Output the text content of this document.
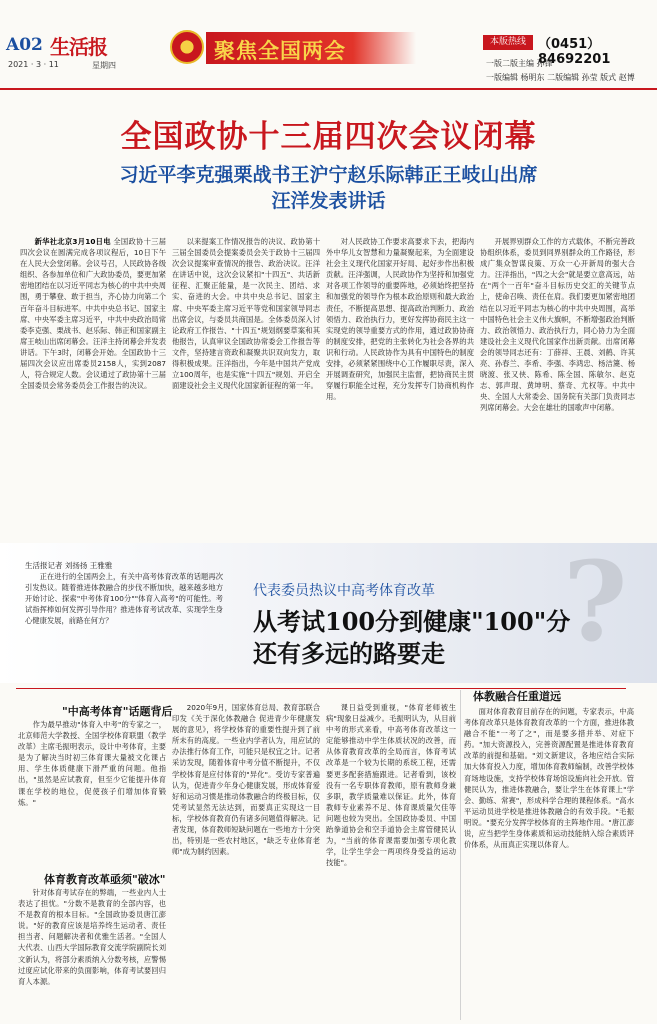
A02 生活报
2021 · 3 · 11	星期四
★	聚焦全国两会	本版热线 （0451）84692201
一版二版主编 孙锋
一版编辑 杨明东 二版编辑 孙莹 版式 赵博
全国政协十三届四次会议闭幕
习近平李克强栗战书王沪宁赵乐际韩正王岐山出席
汪洋发表讲话

新华社北京3月10日电 全国政协十三届四次会议在圆满完成各项议程后，10日下午在人民大会堂闭幕。会议号召，人民政协各级组织、各参加单位和广大政协委员，要更加紧密地团结在以习近平同志为核心的中共中央周围，勇于攀登、敢于担当，齐心协力向第二个百年奋斗目标进军。中共中央总书记、国家主席、中央军委主席习近平，中共中央政治局常委李克强、栗战书、赵乐际、韩正和国家副主席王岐山出席闭幕会。汪洋主持闭幕会并发表讲话。下午3时，闭幕会开始。全国政协十三届四次会议应出席委员2158人，实到2087人，符合规定人数。会议通过了政协第十三届全国委员会常务委员会工作报告的决议。

以来提案工作情况报告的决议、政协第十三届全国委员会提案委员会关于政协十三届四次会议提案审查情况的报告、政治决议。汪洋在讲话中说，这次会议紧扣"十四五"、共话新征程、汇聚正能量，是一次民主、团结、求实、奋进的大会。中共中央总书记、国家主席、中央军委主席习近平等党和国家领导同志出席会议，与委员共商国是。全体委员深入讨论政府工作报告、"十四五"规划纲要草案和其他报告，认真审议全国政协常委会工作报告等文件，坚持建言资政和凝聚共识双向发力，取得积极成果。汪洋指出，今年是中国共产党成立100周年，也是实施"十四五"规划、开启全面建设社会主义现代化国家新征程的第一年。

对人民政协工作要求高要求下去，把海内外中华儿女智慧和力量凝聚起来，为全面建设社会主义现代化国家开好局、起好步作出积极贡献。汪洋强调，人民政协作为坚持和加强党对各项工作领导的重要阵地，必须始终把坚持和加强党的领导作为根本政治原则和最大政治责任，不断提高思想、提高政治判断力、政治领悟力、政治执行力，更好发挥协商民主这一实现党的领导重要方式的作用，通过政协协商的制度安排，把党的主张转化为社会各界的共识和行动。人民政协作为具有中国特色的制度安排，必须紧紧围绕中心工作履职尽责，深入开展调查研究，加强民主监督，把协商民主贯穿履行职能全过程，充分发挥专门协商机构作用。

开展界别群众工作的方式载体，不断完善政协组织体系，委员到同界别群众的工作路径，形成广集众智谋良策、万众一心开新局的强大合力。汪洋指出，"四之大会"就是要立意高远，站在"两个一百年"奋斗目标历史交汇的关键节点上，使命召唤、责任在肩。我们要更加紧密地团结在以习近平同志为核心的中共中央周围，高举中国特色社会主义伟大旗帜，不断增强政治判断力、政治领悟力、政治执行力，同心协力为全面建设社会主义现代化国家作出新贡献。出席闭幕会的领导同志还有：丁薛祥、王晨、刘鹤、许其亮、孙春兰、李希、李强、李鸿忠、杨洁篪、杨晓渡、张又侠、陈希、陈全国、陈敏尔、赵克志、郭声琨、黄坤明、蔡奇、尤权等。中共中央、全国人大常委会、国务院有关部门负责同志列席闭幕会。大会在雄壮的国歌声中闭幕。

生活报记者 刘扬扬 王雅雅

正在进行的全国两会上，有关中高考体育改革的话题再次引发热议。随着推进体教融合的步伐不断加快，越来越多地方开始讨论、探索"中考体育100分""体育入高考"的可能性。考试指挥棒如何发挥引导作用？推进体育考试改革、实现学生身心健康发展，前路在何方？

代表委员热议中高考体育改革
从考试100分到健康"100"分
还有多远的路要走 ?
"中高考体育"话题背后

作为最早推动"体育入中考"的专家之一，北京师范大学教授、全国学校体育联盟（教学改革）主席毛振明表示，设计中考体育，主要是为了解决当时初三体育课大量被文化课占用、学生体质健康下滑严重的问题。他指出，"虽然是应试教育，但至少它能提升体育课在学校的地位，促使孩子们增加体育锻炼。"

体育教育改革亟须"破冰"

针对体育考试存在的弊端，一些业内人士表达了担忧。"分数不是教育的全部内容，也不是教育的根本目标。"全国政协委员唐江澎说。"好的教育应该是培养终生运动者、责任担当者、问题解决者和优雅生活者。"全国人大代表、山西大学国际教育交流学院副院长刘文新认为，将部分素质纳入分数考核，应警惕过度应试化带来的负面影响，体育考试要回归育人本源。

2020年9月，国家体育总局、教育部联合印发《关于深化体教融合 促进青少年健康发展的意见》，将学校体育的重要性提升到了前所未有的高度。一些业内学者认为，用应试的办法推行体育工作，可能只是权宜之计。记者采访发现，随着体育中考分值不断提升，不仅学校体育是应付体育的"异化"。受访专家普遍认为，促进青少年身心健康发展，形成体育爱好和运动习惯是推动体教融合的终极目标，仅凭考试显然无法达到，而要真正实现这一目标，学校体育教育仍有诸多问题值得解决。记者发现，体育教师短缺问题在一些地方十分突出，特别是一些农村地区，"缺乏专业体育老师"成为制约因素。

课日益受到重视，"体育老师被生病"现象日益减少。毛振明认为，从目前中考的形式来看，中高考体育改革这一定能够推动中学生体质状况的改善，而从体育教育改革的全局而言，体育考试改革是一个较为长期的系统工程，还需要更多配套措施跟进。记者看到，该校没有一名专职体育教师，原有教师身兼多职，教学质量难以保证。此外，体育教师专业素养不足、体育课质量欠佳等问题也较为突出。全国政协委员、中国跆拳道协会和空手道协会主席管健民认为，"当前的体育课需要加强专项化教学，让学生学会一两项终身受益的运动技能"。

体教融合任重道远

面对体育教育目前存在的问题，专家表示，中高考体育改革只是体育教育改革的一个方面，推进体教融合不能"一考了之"，而是要多措并举、对症下药。"加大资源投入，完善资源配置是推进体育教育改革的前提和基础。"刘文新建议，各地应结合实际加大体育投入力度，增加体育教师编制，改善学校体育场地设施，支持学校体育场馆设施向社会开放。管健民认为，推进体教融合，要让学生在体育课上"学会、勤练、常赛"，形成科学合理的课程体系。"高水平运动员进学校是推进体教融合的有效手段。"毛振明说。"要充分发挥学校体育的主阵地作用。"唐江澎说，应当把学生身体素质和运动技能纳入综合素质评价体系，从而真正实现以体育人。
